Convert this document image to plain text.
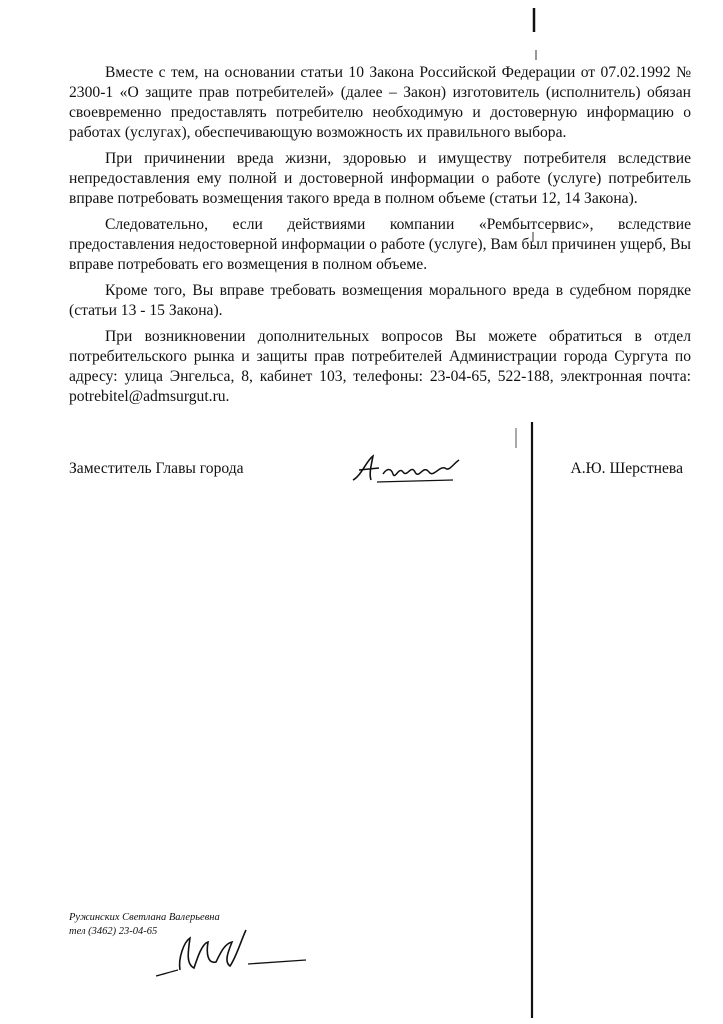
Вместе с тем, на основании статьи 10 Закона Российской Федерации от 07.02.1992 № 2300-1 «О защите прав потребителей» (далее – Закон) изготовитель (исполнитель) обязан своевременно предоставлять потребителю необходимую и достоверную информацию о работах (услугах), обеспечивающую возможность их правильного выбора.

При причинении вреда жизни, здоровью и имуществу потребителя вследствие непредоставления ему полной и достоверной информации о работе (услуге) потребитель вправе потребовать возмещения такого вреда в полном объеме (статьи 12, 14 Закона).

Следовательно, если действиями компании «Рембытсервис», вследствие предоставления недостоверной информации о работе (услуге), Вам был причинен ущерб, Вы вправе потребовать его возмещения в полном объеме.

Кроме того, Вы вправе требовать возмещения морального вреда в судебном порядке (статьи 13 - 15 Закона).

При возникновении дополнительных вопросов Вы можете обратиться в отдел потребительского рынка и защиты прав потребителей Администрации города Сургута по адресу: улица Энгельса, 8, кабинет 103, телефоны: 23-04-65, 522-188, электронная почта: potrebitel@admsurgut.ru.

Заместитель Главы города	А.Ю. Шерстнева
Ружинских Светлана Валерьевна
тел (3462) 23-04-65
